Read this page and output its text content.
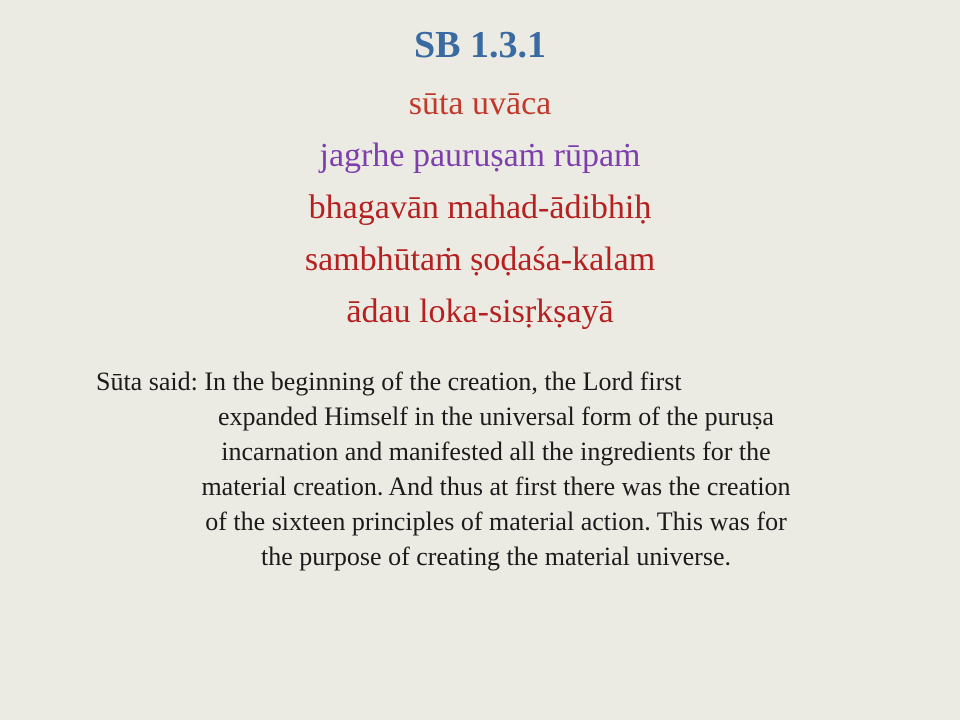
SB 1.3.1
sūta uvāca
jagrhe pauruṣaṁ rūpaṁ
bhagavān mahad-ādibhiḥ
sambhūtaṁ ṣoḍaśa-kalam
ādau loka-sisṛkṣayā
Sūta said: In the beginning of the creation, the Lord first
expanded Himself in the universal form of the puruṣa
incarnation and manifested all the ingredients for the
material creation. And thus at first there was the creation
of the sixteen principles of material action. This was for
the purpose of creating the material universe.
